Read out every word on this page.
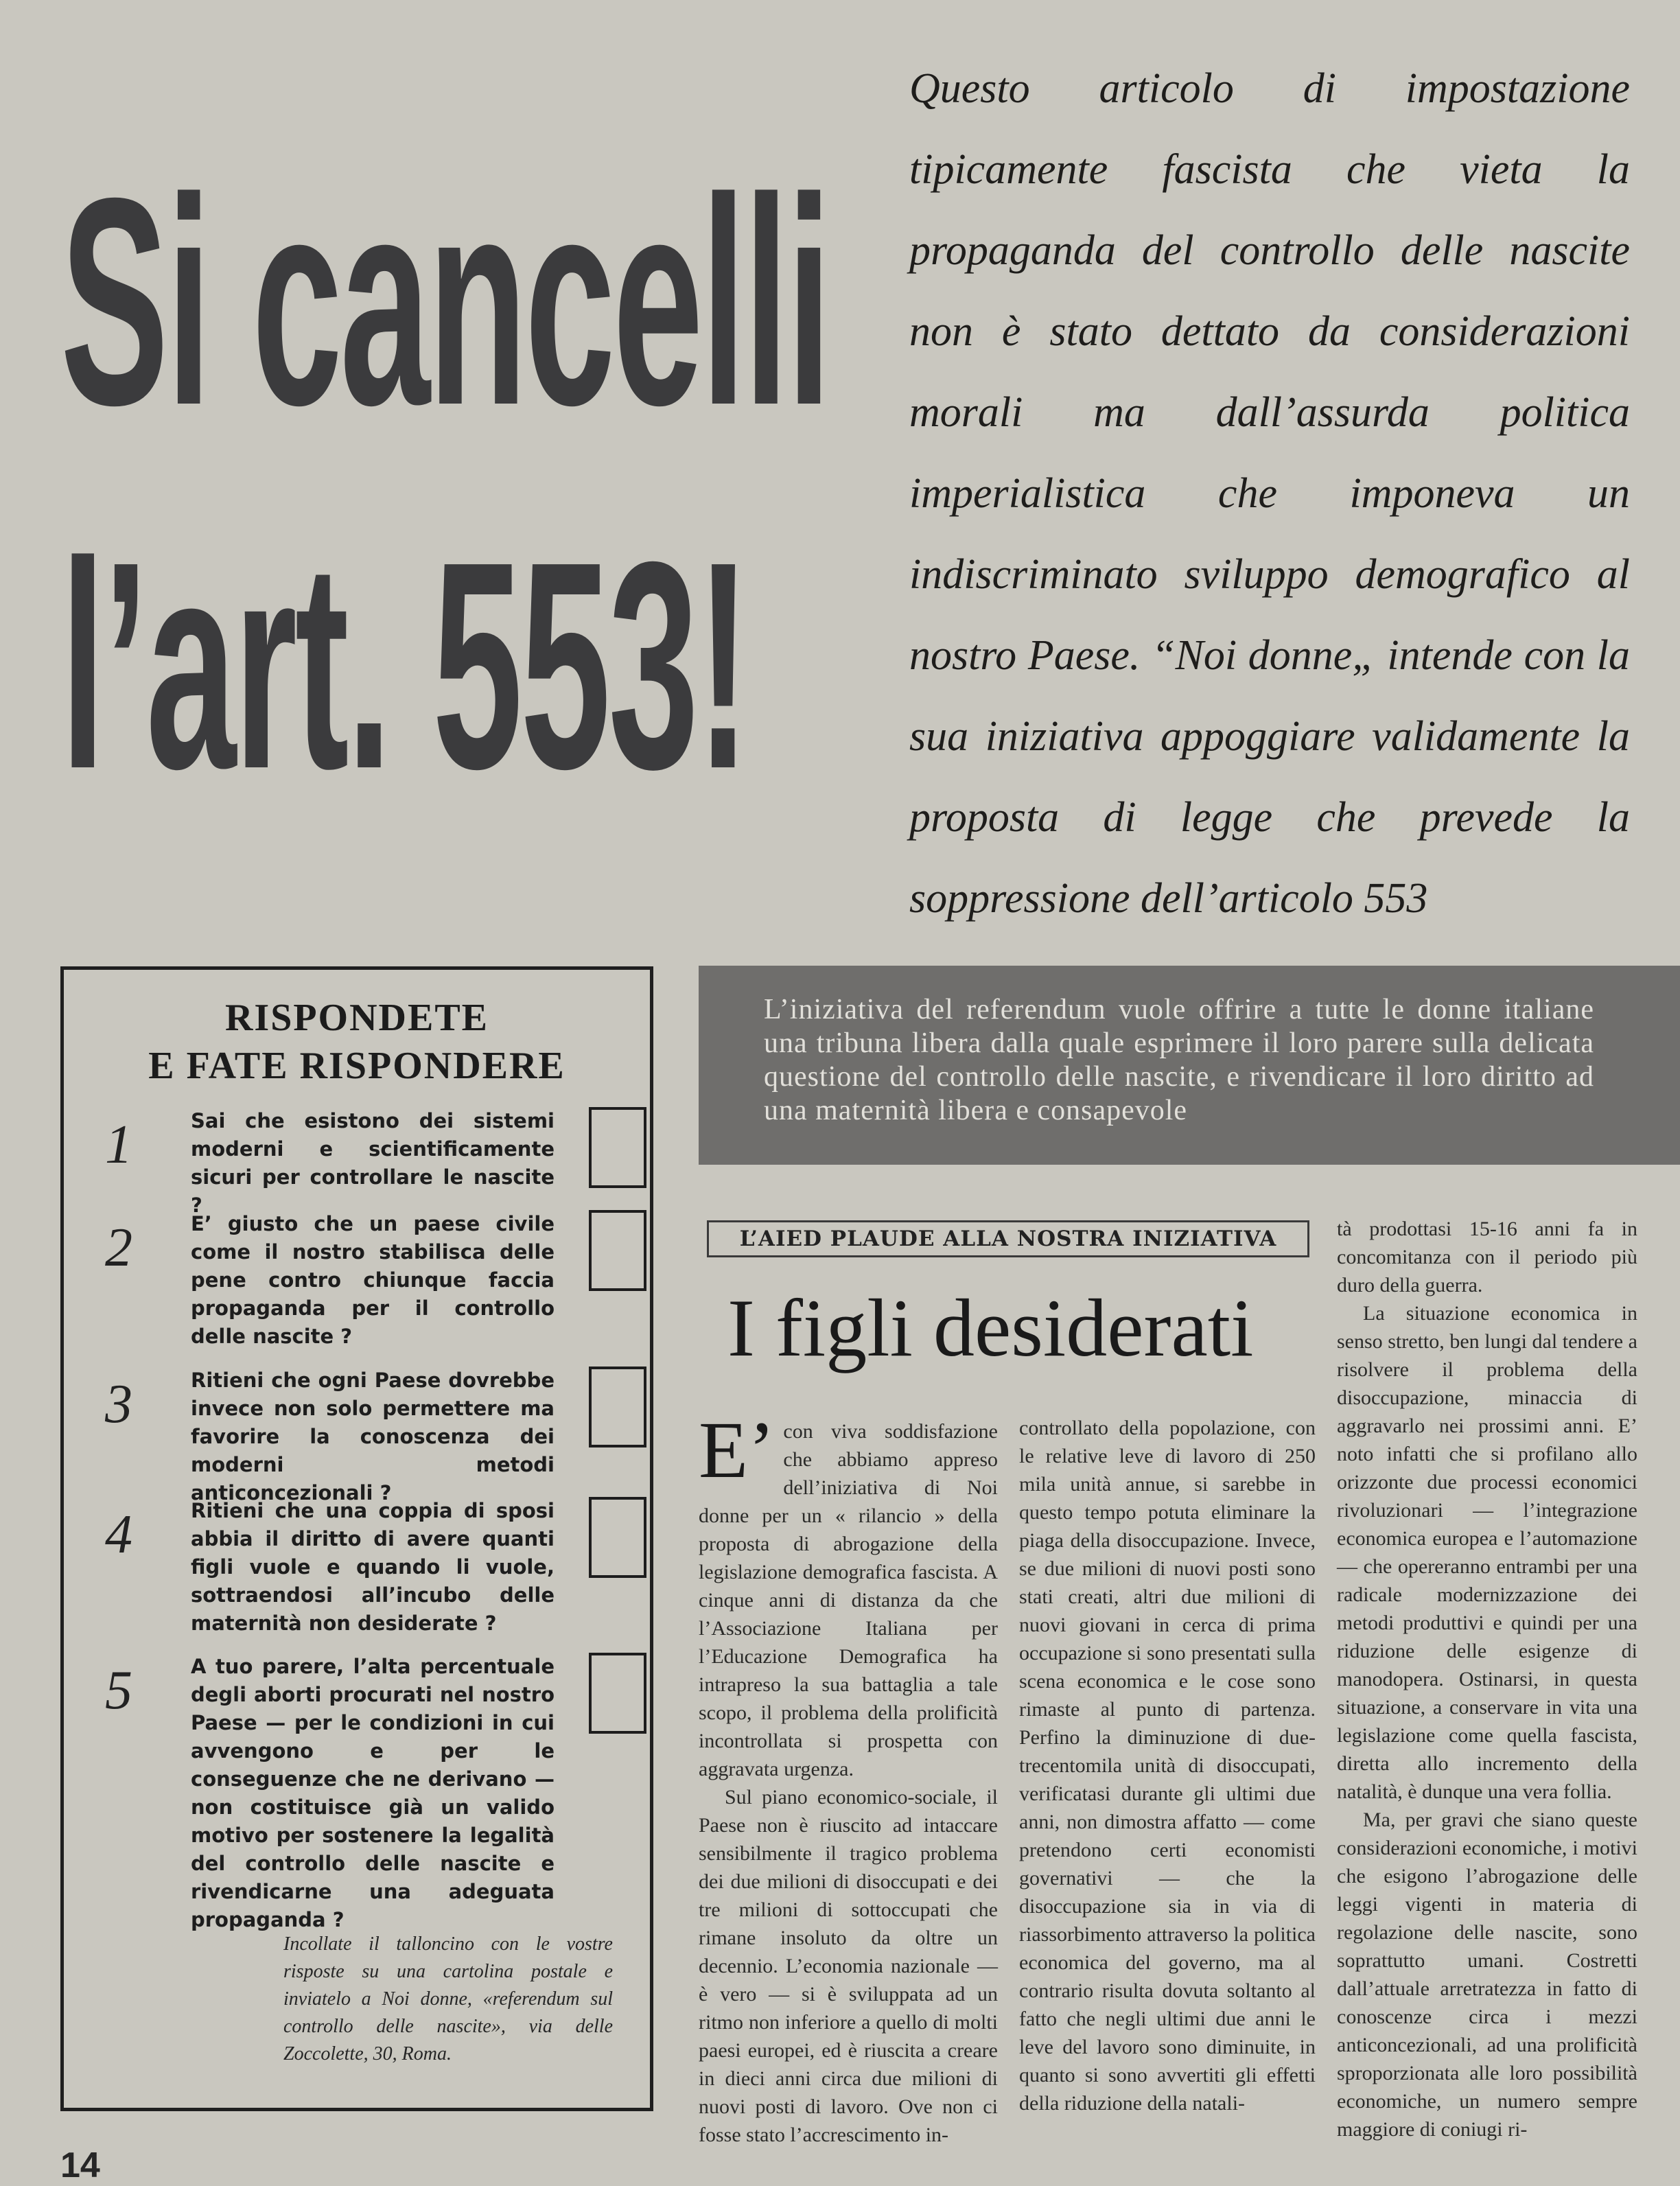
Si cancelli
l’art. 553!
Questo articolo di impostazione tipicamente fascista che vieta la propaganda del controllo delle nascite non è stato dettato da considerazioni morali ma dall’assurda politica imperialistica che imponeva un indiscriminato sviluppo demografico al nostro Paese. “Noi donne„ intende con la sua iniziativa appoggiare validamente la proposta di legge che prevede la soppressione dell’articolo 553
RISPONDETE
E FATE RISPONDERE
1	Sai che esistono dei sistemi moderni e scientificamente sicuri per controllare le nascite ?
2	E’ giusto che un paese civile come il nostro stabilisca delle pene contro chiunque faccia propaganda per il controllo delle nascite ?
3	Ritieni che ogni Paese dovrebbe invece non solo permettere ma favorire la conoscenza dei moderni metodi anticoncezionali ?
4	Ritieni che una coppia di sposi abbia il diritto di avere quanti figli vuole e quando li vuole, sottraendosi all’incubo delle maternità non desiderate ?
5	A tuo parere, l’alta percentuale degli aborti procurati nel nostro Paese — per le condizioni in cui avvengono e per le conseguenze che ne derivano — non costituisce già un valido motivo per sostenere la legalità del controllo delle nascite e rivendicarne una adeguata propaganda ?
Incollate il talloncino con le vostre risposte su una cartolina postale e inviatelo a Noi donne, «referendum sul controllo delle nascite», via delle Zoccolette, 30, Roma.

L’iniziativa del referendum vuole offrire a tutte le donne italiane una tribuna libera dalla quale esprimere il loro parere sulla delicata questione del controllo delle nascite, e rivendicare il loro diritto ad una maternità libera e consapevole

L’AIED PLAUDE ALLA NOSTRA INIZIATIVA
I figli desiderati

E’ con viva soddisfazione che abbiamo appreso dell’iniziativa di Noi donne per un « rilancio » della proposta di abrogazione della legislazione demografica fascista. A cinque anni di distanza da che l’Associazione Italiana per l’Educazione Demografica ha intrapreso la sua battaglia a tale scopo, il problema della prolificità incontrollata si prospetta con aggravata urgenza.

Sul piano economico-sociale, il Paese non è riuscito ad intaccare sensibilmente il tragico problema dei due milioni di disoccupati e dei tre milioni di sottoccupati che rimane insoluto da oltre un decennio. L’economia nazionale — è vero — si è sviluppata ad un ritmo non inferiore a quello di molti paesi europei, ed è riuscita a creare in dieci anni circa due milioni di nuovi posti di lavoro. Ove non ci fosse stato l’accrescimento in-

controllato della popolazione, con le relative leve di lavoro di 250 mila unità annue, si sarebbe in questo tempo potuta eliminare la piaga della disoccupazione. Invece, se due milioni di nuovi posti sono stati creati, altri due milioni di nuovi giovani in cerca di prima occupazione si sono presentati sulla scena economica e le cose sono rimaste al punto di partenza. Perfino la diminuzione di due-trecentomila unità di disoccupati, verificatasi durante gli ultimi due anni, non dimostra affatto — come pretendono certi economisti governativi — che la disoccupazione sia in via di riassorbimento attraverso la politica economica del governo, ma al contrario risulta dovuta soltanto al fatto che negli ultimi due anni le leve del lavoro sono diminuite, in quanto si sono avvertiti gli effetti della riduzione della natali-

tà prodottasi 15-16 anni fa in concomitanza con il periodo più duro della guerra.

La situazione economica in senso stretto, ben lungi dal tendere a risolvere il problema della disoccupazione, minaccia di aggravarlo nei prossimi anni. E’ noto infatti che si profilano allo orizzonte due processi economici rivoluzionari — l’integrazione economica europea e l’automazione — che opereranno entrambi per una radicale modernizzazione dei metodi produttivi e quindi per una riduzione delle esigenze di manodopera. Ostinarsi, in questa situazione, a conservare in vita una legislazione come quella fascista, diretta allo incremento della natalità, è dunque una vera follia.

Ma, per gravi che siano queste considerazioni economiche, i motivi che esigono l’abrogazione delle leggi vigenti in materia di regolazione delle nascite, sono soprattutto umani. Costretti dall’attuale arretratezza in fatto di conoscenze circa i mezzi anticoncezionali, ad una prolificità sproporzionata alle loro possibilità economiche, un numero sempre maggiore di coniugi ri-

14
